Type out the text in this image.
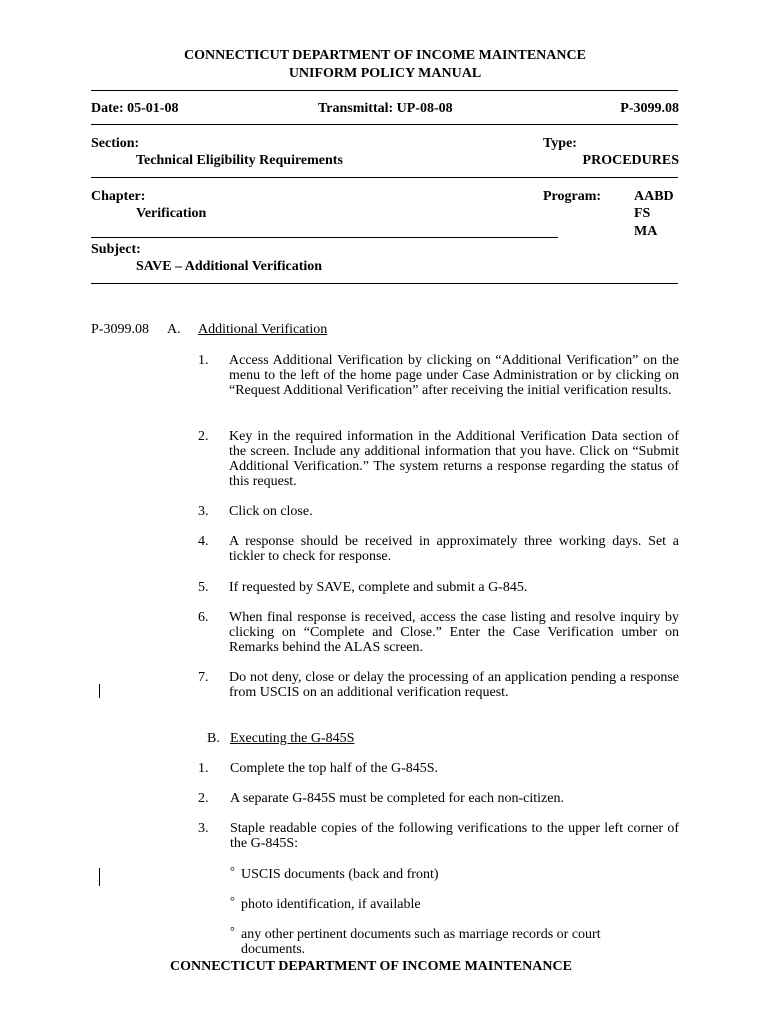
CONNECTICUT DEPARTMENT OF INCOME MAINTENANCE
UNIFORM POLICY MANUAL
Date: 05-01-08	Transmittal: UP-08-08	P-3099.08
Section:
Technical Eligibility Requirements
Type:
PROCEDURES
Chapter:
Verification
Program: AABD
FS
MA
Subject:
SAVE – Additional Verification
P-3099.08 A. Additional Verification
1. Access Additional Verification by clicking on “Additional Verification” on the menu to the left of the home page under Case Administration or by clicking on “Request Additional Verification” after receiving the initial verification results.
2. Key in the required information in the Additional Verification Data section of the screen. Include any additional information that you have. Click on “Submit Additional Verification.” The system returns a response regarding the status of this request.
3. Click on close.
4. A response should be received in approximately three working days. Set a tickler to check for response.
5. If requested by SAVE, complete and submit a G-845.
6. When final response is received, access the case listing and resolve inquiry by clicking on “Complete and Close.” Enter the Case Verification umber on Remarks behind the ALAS screen.
7. Do not deny, close or delay the processing of an application pending a response from USCIS on an additional verification request.
B. Executing the G-845S
1. Complete the top half of the G-845S.
2. A separate G-845S must be completed for each non-citizen.
3. Staple readable copies of the following verifications to the upper left corner of the G-845S:
° USCIS documents (back and front)
° photo identification, if available
° any other pertinent documents such as marriage records or court documents.
CONNECTICUT DEPARTMENT OF INCOME MAINTENANCE
